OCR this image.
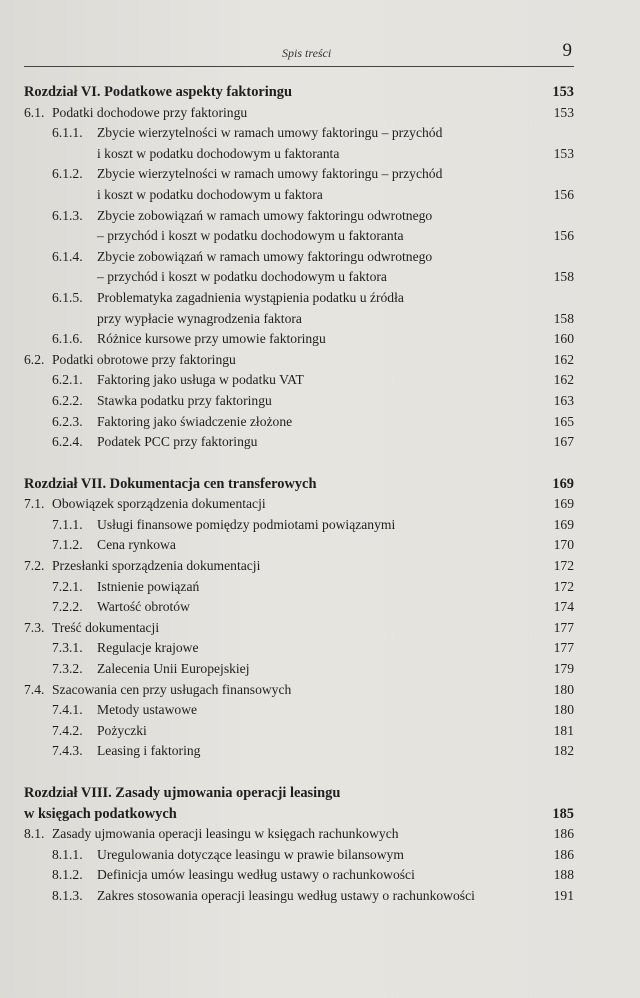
Spis treści	9
Rozdział VI. Podatkowe aspekty faktoringu	153
6.1. Podatki dochodowe przy faktoringu	153
6.1.1. Zbycie wierzytelności w ramach umowy faktoringu – przychód
i koszt w podatku dochodowym u faktoranta	153
6.1.2. Zbycie wierzytelności w ramach umowy faktoringu – przychód
i koszt w podatku dochodowym u faktora	156
6.1.3. Zbycie zobowiązań w ramach umowy faktoringu odwrotnego
– przychód i koszt w podatku dochodowym u faktoranta	156
6.1.4. Zbycie zobowiązań w ramach umowy faktoringu odwrotnego
– przychód i koszt w podatku dochodowym u faktora	158
6.1.5. Problematyka zagadnienia wystąpienia podatku u źródła
przy wypłacie wynagrodzenia faktora	158
6.1.6. Różnice kursowe przy umowie faktoringu	160
6.2. Podatki obrotowe przy faktoringu	162
6.2.1. Faktoring jako usługa w podatku VAT	162
6.2.2. Stawka podatku przy faktoringu	163
6.2.3. Faktoring jako świadczenie złożone	165
6.2.4. Podatek PCC przy faktoringu	167
Rozdział VII. Dokumentacja cen transferowych	169
7.1. Obowiązek sporządzenia dokumentacji	169
7.1.1. Usługi finansowe pomiędzy podmiotami powiązanymi	169
7.1.2. Cena rynkowa	170
7.2. Przesłanki sporządzenia dokumentacji	172
7.2.1. Istnienie powiązań	172
7.2.2. Wartość obrotów	174
7.3. Treść dokumentacji	177
7.3.1. Regulacje krajowe	177
7.3.2. Zalecenia Unii Europejskiej	179
7.4. Szacowania cen przy usługach finansowych	180
7.4.1. Metody ustawowe	180
7.4.2. Pożyczki	181
7.4.3. Leasing i faktoring	182
Rozdział VIII. Zasady ujmowania operacji leasingu
w księgach podatkowych	185
8.1. Zasady ujmowania operacji leasingu w księgach rachunkowych	186
8.1.1. Uregulowania dotyczące leasingu w prawie bilansowym	186
8.1.2. Definicja umów leasingu według ustawy o rachunkowości	188
8.1.3. Zakres stosowania operacji leasingu według ustawy o rachunkowości	191
